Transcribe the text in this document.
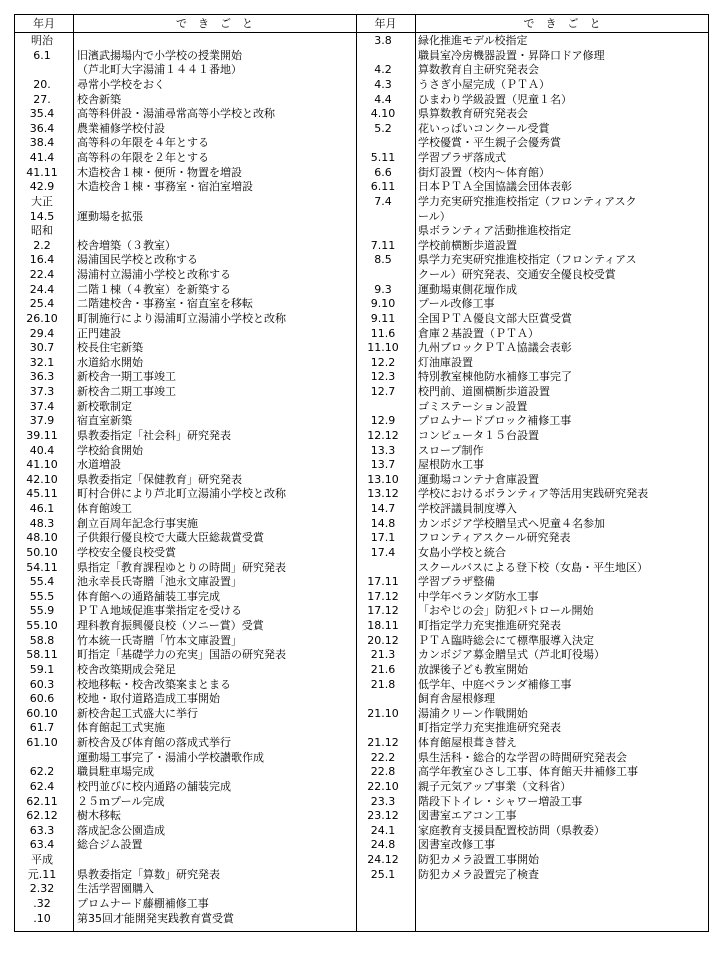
年月	で　き　ご　と	年月	で　き　ご　と
明治
6.1	旧濱武揚場内で小学校の授業開始
（芦北町大字湯浦１４４１番地）
20.	尋常小学校をおく
27.	校舎新築
35.4	高等科併設・湯浦尋常高等小学校と改称
36.4	農業補修学校付設
38.4	高等科の年限を４年とする
41.4	高等科の年限を２年とする
41.11	木造校舎１棟・便所・物置を増設
42.9	木造校舎１棟・事務室・宿泊室増設
大正
14.5	運動場を拡張
昭和
2.2	校舎増築（３教室）
16.4	湯浦国民学校と改称する
22.4	湯浦村立湯浦小学校と改称する
24.4	二階１棟（４教室）を新築する
25.4	二階建校舎・事務室・宿直室を移転
26.10	町制施行により湯浦町立湯浦小学校と改称
29.4	正門建設
30.7	校長住宅新築
32.1	水道給水開始
36.3	新校舎一期工事竣工
37.3	新校舎二期工事竣工
37.4	新校歌制定
37.9	宿直室新築
39.11	県教委指定「社会科」研究発表
40.4	学校給食開始
41.10	水道増設
42.10	県教委指定「保健教育」研究発表
45.11	町村合併により芦北町立湯浦小学校と改称
46.1	体育館竣工
48.3	創立百周年記念行事実施
48.10	子供銀行優良校で大蔵大臣総裁賞受賞
50.10	学校安全優良校受賞
54.11	県指定「教育課程ゆとりの時間」研究発表
55.4	池永幸長氏寄贈「池永文庫設置」
55.5	体育館への通路舗装工事完成
55.9	ＰＴＡ地域促進事業指定を受ける
55.10	理科教育振興優良校（ソニー賞）受賞
58.8	竹本統一氏寄贈「竹本文庫設置」
58.11	町指定「基礎学力の充実」国語の研究発表
59.1	校舎改築期成会発足
60.3	校地移転・校舎改築案まとまる
60.6	校地・取付道路造成工事開始
60.10	新校舎起工式盛大に挙行
61.7	体育館起工式実施
61.10	新校舎及び体育館の落成式挙行
運動場工事完了・湯浦小学校讃歌作成
62.2	職員駐車場完成
62.4	校門並びに校内通路の舗装完成
62.11	２５ｍプール完成
62.12	樹木移転
63.3	落成記念公園造成
63.4	総合ジム設置
平成
元.11	県教委指定「算数」研究発表
2.32	生活学習園購入
.32	プロムナード藤棚補修工事
.10	第35回才能開発実践教育賞受賞
3.8	緑化推進モデル校指定
職員室冷房機器設置・昇降口ドア修理
4.2	算数教育自主研究発表会
4.3	うさぎ小屋完成（ＰＴＡ）
4.4	ひまわり学級設置（児童１名）
4.10	県算数教育研究発表会
5.2	花いっぱいコンクール受賞
学校優賞・平生親子会優秀賞
5.11	学習プラザ落成式
6.6	街灯設置（校内～体育館）
6.11	日本ＰＴＡ全国協議会団体表彰
7.4	学力充実研究推進校指定（フロンティアスク
ール）
県ボランティア活動推進校指定
7.11	学校前横断歩道設置
8.5	県学力充実研究推進校指定（フロンティアス
クール）研究発表、交通安全優良校受賞
9.3	運動場東側花壇作成
9.10	プール改修工事
9.11	全国ＰＴＡ優良文部大臣賞受賞
11.6	倉庫２基設置（ＰＴＡ）
11.10	九州ブロックＰＴＡ協議会表彰
12.2	灯油庫設置
12.3	特別教室棟他防水補修工事完了
12.7	校門前、道園横断歩道設置
ゴミステーション設置
12.9	プロムナードブロック補修工事
12.12	コンピュータ１５台設置
13.3	スロープ制作
13.7	屋根防水工事
13.10	運動場コンテナ倉庫設置
13.12	学校におけるボランティア等活用実践研究発表
14.7	学校評議員制度導入
14.8	カンボジア学校贈呈式へ児童４名参加
17.1	フロンティアスクール研究発表
17.4	女島小学校と統合
スクールバスによる登下校（女島・平生地区）
17.11	学習プラザ整備
17.12	中学年ベランダ防水工事
17.12	「おやじの会」防犯パトロール開始
18.11	町指定学力充実推進研究発表
20.12	ＰＴＡ臨時総会にて標準服導入決定
21.3	カンボジア募金贈呈式（芦北町役場）
21.6	放課後子ども教室開始
21.8	低学年、中庭ベランダ補修工事
飼育舎屋根修理
21.10	湯浦クリーン作戦開始
町指定学力充実推進研究発表
21.12	体育館屋根葺き替え
22.2	県生活科・総合的な学習の時間研究発表会
22.8	高学年教室ひさし工事、体育館天井補修工事
22.10	親子元気アップ事業（文科省）
23.3	階段下トイレ・シャワー増設工事
23.12	図書室エアコン工事
24.1	家庭教育支援員配置校訪問（県教委）
24.8	図書室改修工事
24.12	防犯カメラ設置工事開始
25.1	防犯カメラ設置完了検査
